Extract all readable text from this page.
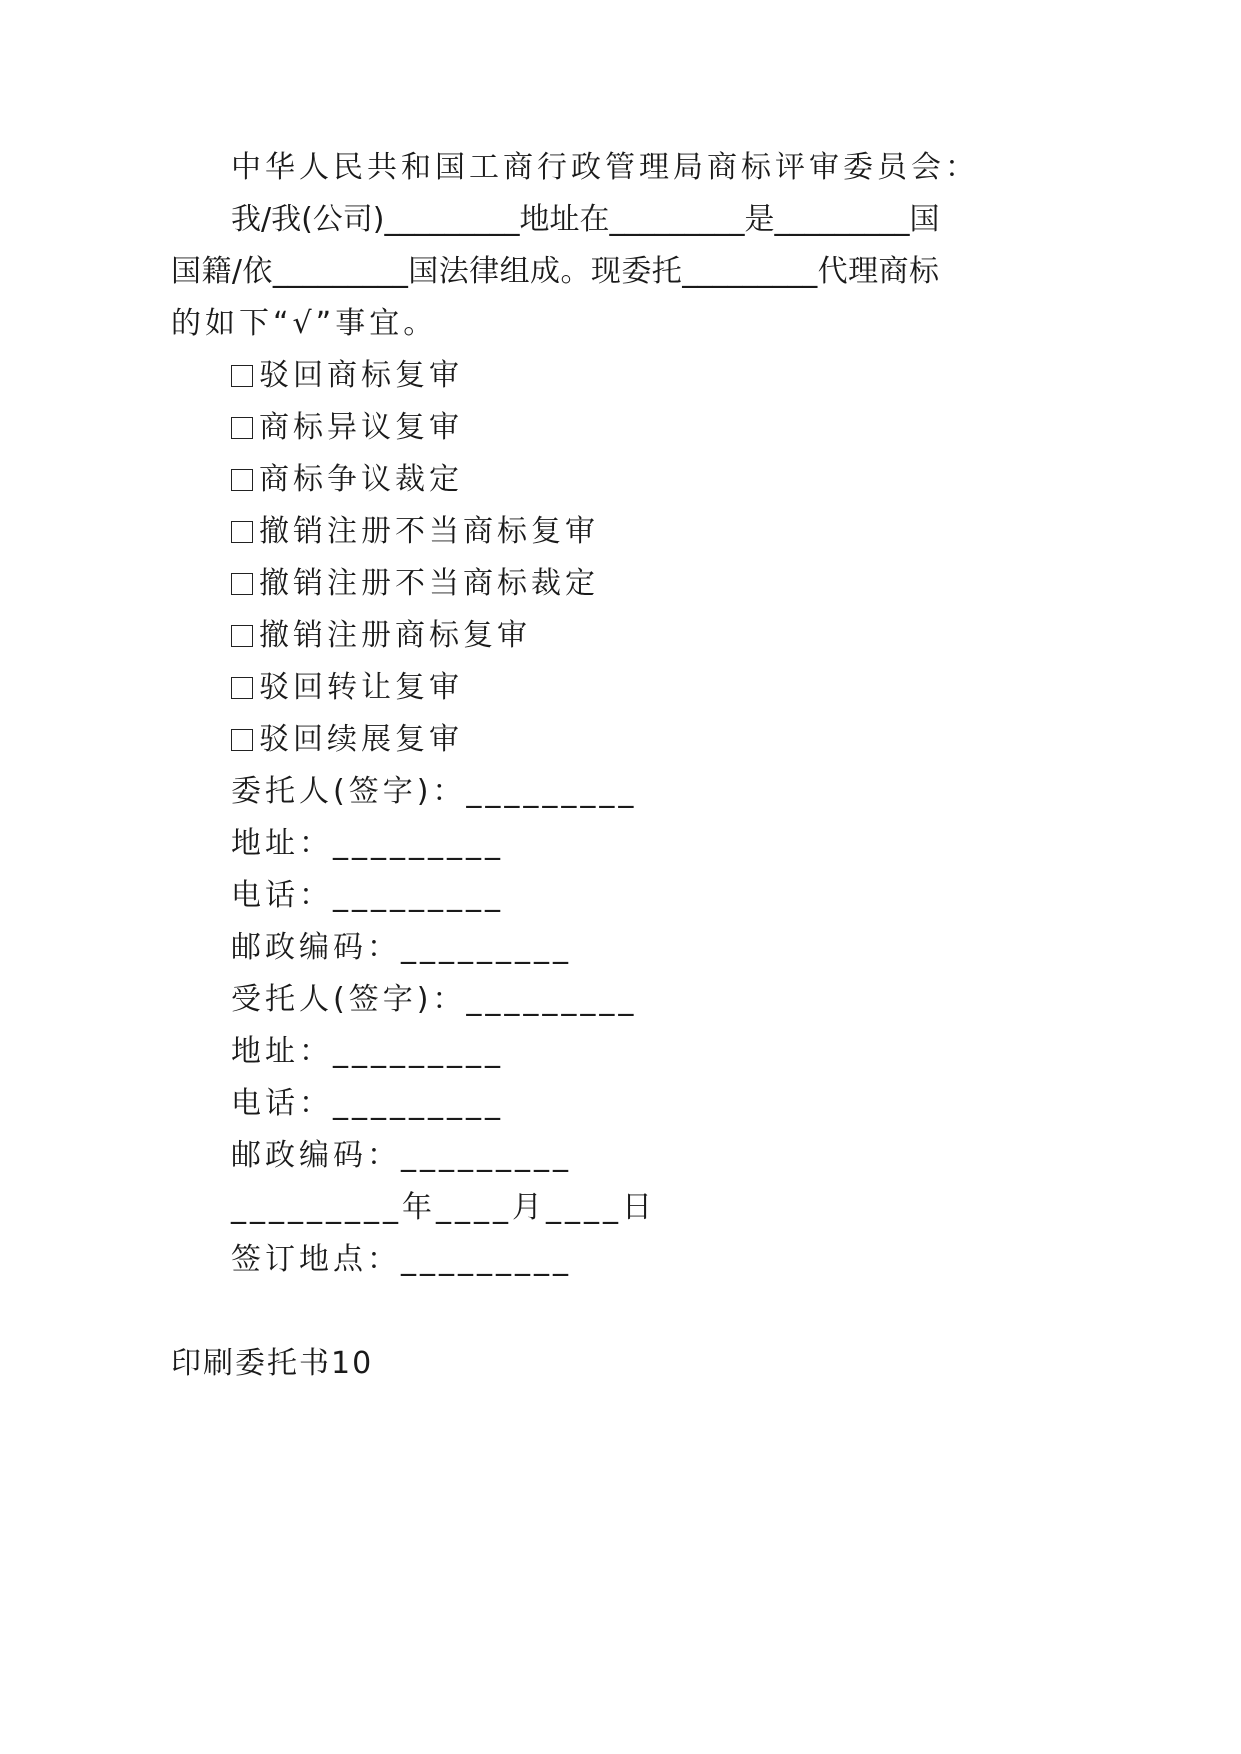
中华人民共和国工商行政管理局商标评审委员会：

我/我(公司)_________地址在_________是_________国

国籍/依_________国法律组成。现委托_________代理商标

的如下“√”事宜。

驳回商标复审
商标异议复审
商标争议裁定
撤销注册不当商标复审
撤销注册不当商标裁定
撤销注册商标复审
驳回转让复审
驳回续展复审

委托人(签字)：_________

地址：_________

电话：_________

邮政编码：_________

受托人(签字)：_________

地址：_________

电话：_________

邮政编码：_________

_________年____月____日

签订地点：_________

印刷委托书10
